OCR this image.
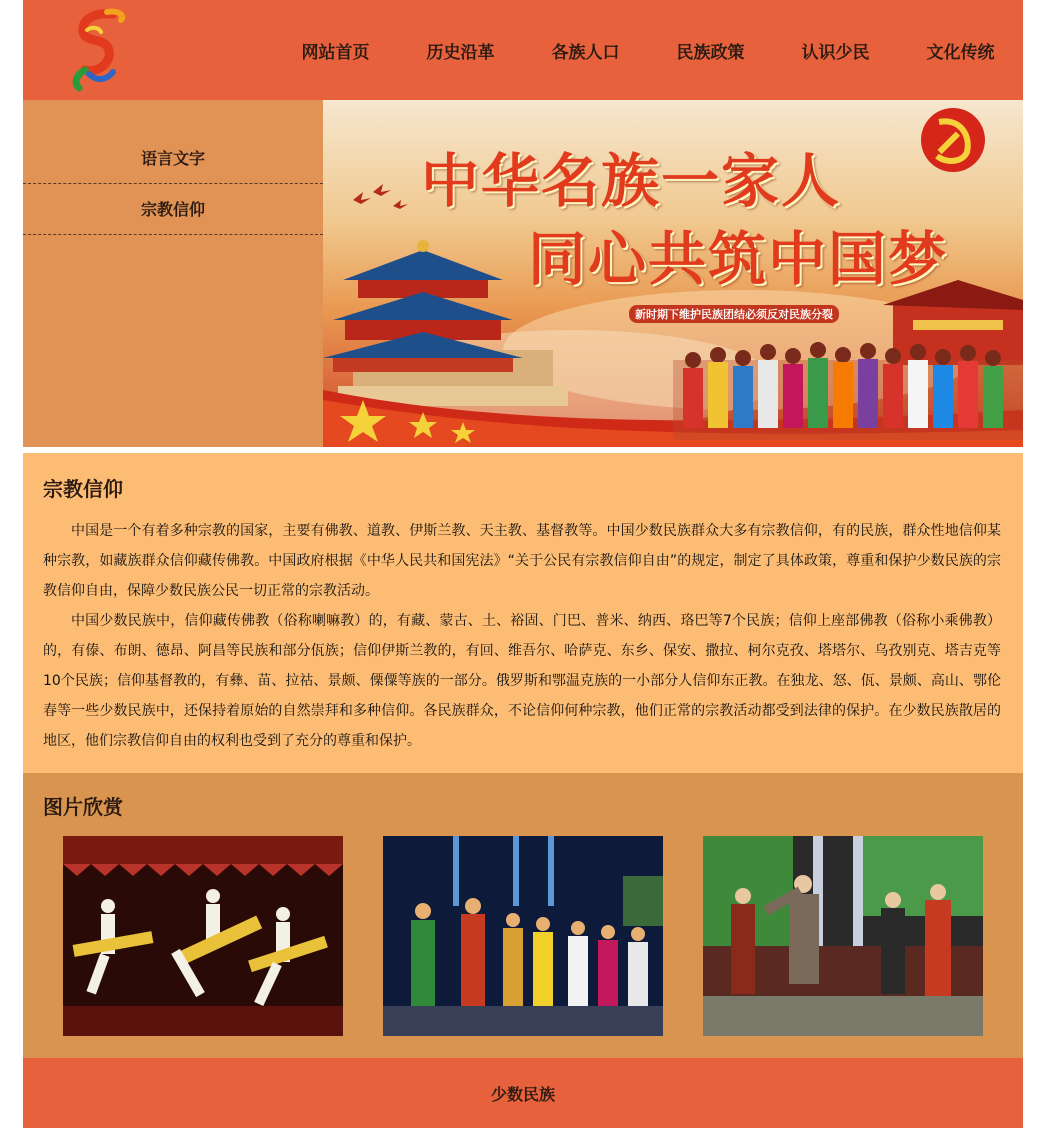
网站首页	历史沿革	各族人口	民族政策	认识少民	文化传统
语言文字
宗教信仰	中华名族一家人
同心共筑中国梦
新时期下维护民族团结必须反对民族分裂
宗教信仰

中国是一个有着多种宗教的国家，主要有佛教、道教、伊斯兰教、天主教、基督教等。中国少数民族群众大多有宗教信仰，有的民族，群众性地信仰某种宗教，如藏族群众信仰藏传佛教。中国政府根据《中华人民共和国宪法》“关于公民有宗教信仰自由”的规定，制定了具体政策，尊重和保护少数民族的宗教信仰自由，保障少数民族公民一切正常的宗教活动。

中国少数民族中，信仰藏传佛教（俗称喇嘛教）的，有藏、蒙古、土、裕固、门巴、普米、纳西、珞巴等7个民族；信仰上座部佛教（俗称小乘佛教）的，有傣、布朗、德昂、阿昌等民族和部分佤族；信仰伊斯兰教的，有回、维吾尔、哈萨克、东乡、保安、撒拉、柯尔克孜、塔塔尔、乌孜别克、塔吉克等10个民族；信仰基督教的，有彝、苗、拉祜、景颇、傈僳等族的一部分。俄罗斯和鄂温克族的一小部分人信仰东正教。在独龙、怒、佤、景颇、高山、鄂伦春等一些少数民族中，还保持着原始的自然崇拜和多种信仰。各民族群众，不论信仰何种宗教，他们正常的宗教活动都受到法律的保护。在少数民族散居的地区，他们宗教信仰自由的权利也受到了充分的尊重和保护。

图片欣赏
少数民族
